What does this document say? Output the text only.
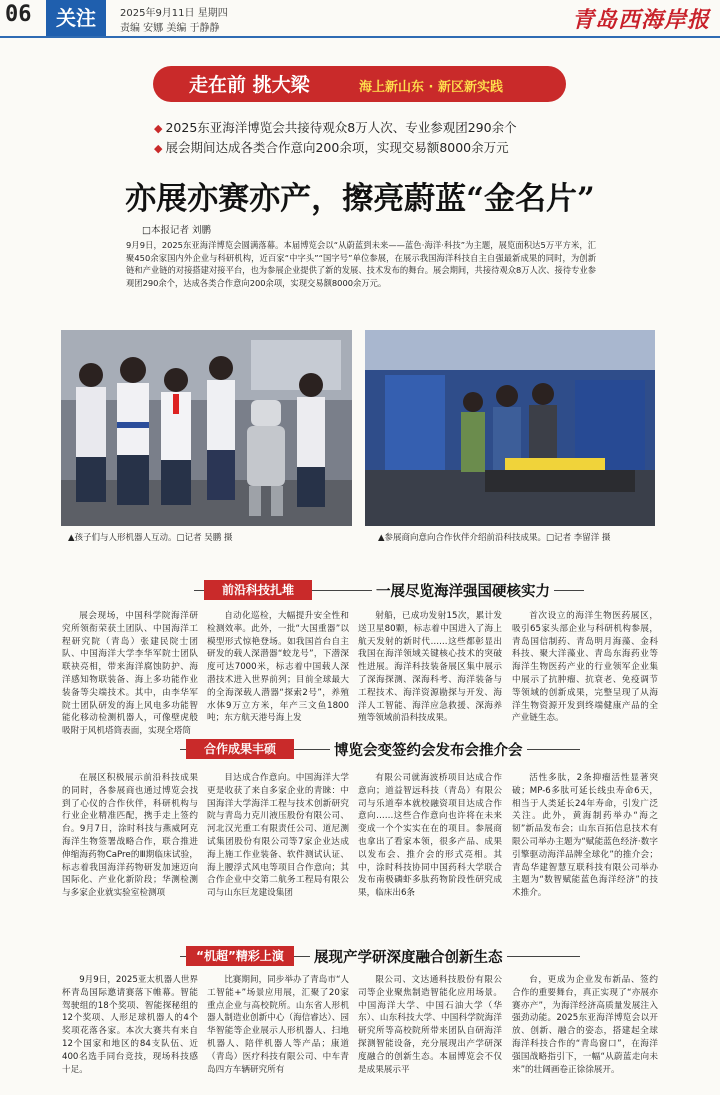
06	关注	2025年9月11日 星期四
责编 安娜 美编 于静静	青岛西海岸报
走在前 挑大梁	海上新山东 · 新区新实践
◆ 2025东亚海洋博览会共接待观众8万人次、专业参观团290余个
◆ 展会期间达成各类合作意向200余项，实现交易额8000余万元
亦展亦赛亦产，擦亮蔚蓝“金名片”
□本报记者 刘鹏
9月9日，2025东亚海洋博览会圆满落幕。本届博览会以“从蔚蓝到未来——蓝色·海洋·科技”为主题，展览面积达5万平方米，汇聚450余家国内外企业与科研机构，近百家“中字头”“国字号”单位参展，在展示我国海洋科技自主自强最新成果的同时，为创新链和产业链的对接搭建对接平台，也为参展企业提供了新的发展、技术发布的舞台。展会期间，共接待观众8万人次、接待专业参观团290余个，达成各类合作意向200余项，实现交易额8000余万元。
▲孩子们与人形机器人互动。□记者 吴鹏 摄	▲参展商向意向合作伙伴介绍前沿科技成果。□记者 李留洋 摄
前沿科技扎堆	一展尽览海洋强国硬核实力
展会现场，中国科学院海洋研究所领衔荣获土团队、中国海洋工程研究院（青岛）张建民院士团队、中国海洋大学李华军院士团队联袂亮相，带来海洋腐蚀防护、海洋感知物联装备、海上多功能作业装备等尖端技术。其中，由李华军院士团队研发的海上风电多功能智能化移动检测机器人，可像壁虎般吸附于风机塔筒表面，实现全塔筒
自动化巡检，大幅提升安全性和检测效率。此外，一批“大国重器”以模型形式惊艳登场。如我国首台自主研发的载人深潜器“蛟龙号”，下潜深度可达7000米，标志着中国载人深潜技术进入世界前列；目前全球最大的全海深载人潜器“探索2号”，养殖水体9万立方米，年产三文鱼1800吨；东方航天港号海上发
射船，已成功发射15次，累计发送卫星80颗，标志着中国进入了海上航天发射的新时代……这些都彰显出我国在海洋领域关键核心技术的突破性进展。海洋科技装备展区集中展示了深海探测、深海科考、海洋装备与工程技术、海洋资源勘探与开发、海洋人工智能、海洋应急救援、深海养殖等领域前沿科技成果。
首次设立的海洋生物医药展区，吸引65家头部企业与科研机构参展，青岛国信制药、青岛明月海藻、金科科技、聚大洋藻业、青岛东海药业等海洋生物医药产业的行业领军企业集中展示了抗肿瘤、抗衰老、免疫调节等领域的创新成果，完整呈现了从海洋生物资源开发到终端健康产品的全产业链生态。
合作成果丰硕	博览会变签约会发布会推介会
在展区积极展示前沿科技成果的同时，各参展商也通过博览会找到了心仪的合作伙伴，科研机构与行业企业精准匹配，携手走上签约台。9月7日，涂时科技与燕威阿克海洋生物签署战略合作，联合推进伸缩海药物CaPre的Ⅲ期临床试验，标志着我国海洋药物研发加速迈向国际化、产业化新阶段；华测检测与多家企业就实验室检测项
目达成合作意向。中国海洋大学更是收获了来自多家企业的青睐：中国海洋大学海洋工程与技术创新研究院与青岛力克川液压股份有限公司、河北汉光重工有限责任公司、道尼测试集团股份有限公司等7家企业达成海上施工作业装备、软件测试认证、海上腰浮式风电等项目合作意向；其合作企业中交第二航务工程局有限公司与山东巨龙建设集团
有限公司就海波桥项目达成合作意向；道益智远科技（青岛）有限公司与乐道奉本就校融资项目达成合作意向……这些合作意向也许将在未来变成一个个实实在在的项目。参展商也拿出了看家本领，很多产品、成果以发布会、推介会的形式亮相。其中，涂时科技协同中国药科大学联合发布南极磷虾多肽药物阶段性研究成果，临床出6条
活性多肽，2条抑瘤活性显著突破；MP-6多肽可延长线虫寿命6天，相当于人类延长24年寿命，引发广泛关注。此外，黄海制药举办“海之韧”新品发布会；山东百拓信息技术有限公司举办主题为“赋能蓝色经济·数字引擎驱动海洋品牌全球化”的推介会；青岛华建智慧互联科技有限公司举办主题为“数智赋能蓝色海洋经济”的技术推介。
“机超”精彩上演	展现产学研深度融合创新生态
9月9日，2025亚太机器人世界杯青岛国际邀请赛落下帷幕。智能驾驶组的18个奖项、智能探秘组的12个奖项、人形足球机器人的4个奖项花落各家。本次大赛共有来自12个国家和地区的84支队伍、近400名选手同台竞技，现场科技感十足。
比赛期间，同步举办了青岛市“人工智能+”场景应用展，汇聚了20家重点企业与高校院所。山东省人形机器人制造业创新中心（海信睿达）、园华智能等企业展示人形机器人、扫地机器人、陪伴机器人等产品；康道（青岛）医疗科技有限公司、中车青岛四方车辆研究所有
限公司、文达通科技股份有限公司等企业聚焦制造智能化应用场景。中国海洋大学、中国石油大学（华东）、山东科技大学、中国科学院海洋研究所等高校院所带来团队自研海洋探测智能设备，充分展现出产学研深度融合的创新生态。本届博览会不仅是成果展示平
台，更成为企业发布新品、签约合作的重要舞台，真正实现了“亦展亦赛亦产”，为海洋经济高质量发展注入强劲动能。2025东亚海洋博览会以开放、创新、融合的姿态，搭建起全球海洋科技合作的“青岛窗口”，在海洋强国战略指引下，一幅“从蔚蓝走向未来”的壮阔画卷正徐徐展开。
